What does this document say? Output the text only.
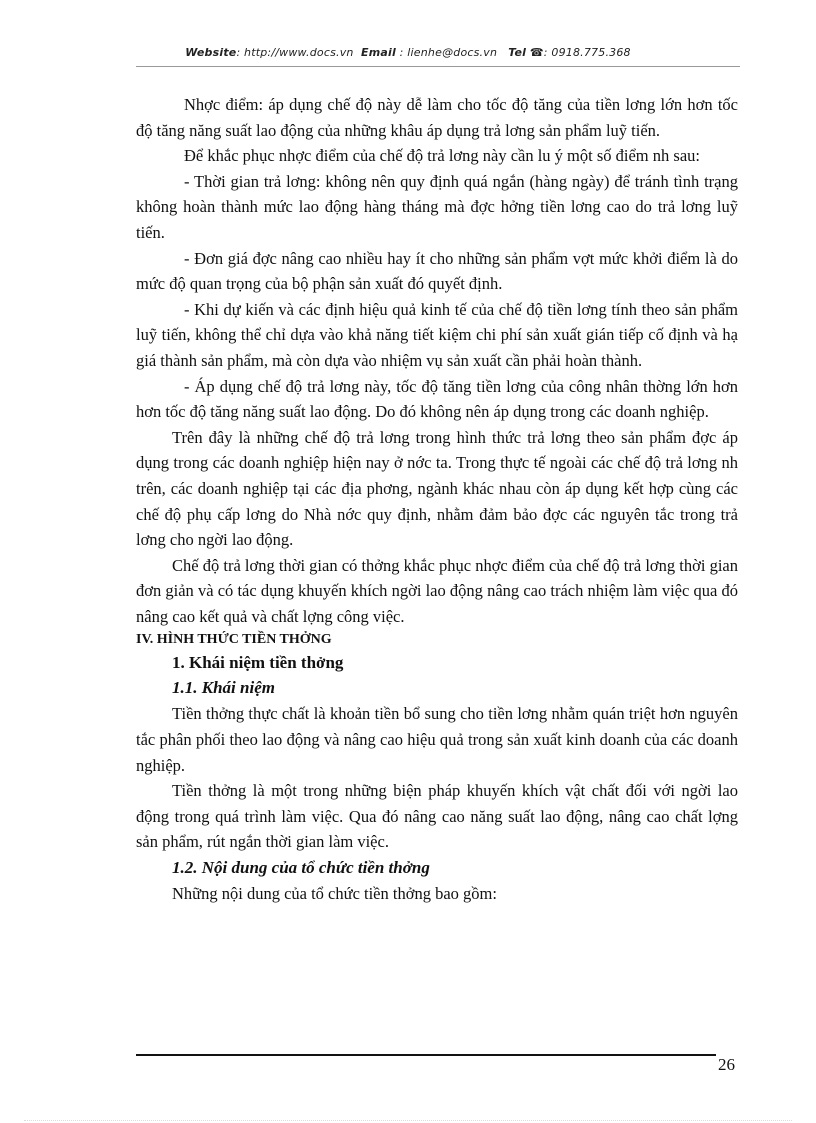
Website: http://www.docs.vn Email : lienhe@docs.vn Tel ☎: 0918.775.368

Nhợc điểm: áp dụng chế độ này dễ làm cho tốc độ tăng của tiền lơng lớn hơn tốc độ tăng năng suất lao động của những khâu áp dụng trả lơng sản phẩm luỹ tiến.

Để khắc phục nhợc điểm của chế độ trả lơng này cần lu ý một số điểm nh sau:

- Thời gian trả lơng: không nên quy định quá ngắn (hàng ngày) để tránh tình trạng không hoàn thành mức lao động hàng tháng mà đợc hởng tiền lơng cao do trả lơng luỹ tiến.

- Đơn giá đợc nâng cao nhiều hay ít cho những sản phẩm vợt mức khởi điểm là do mức độ quan trọng của bộ phận sản xuất đó quyết định.

- Khi dự kiến và các định hiệu quả kinh tế của chế độ tiền lơng tính theo sản phẩm luỹ tiến, không thể chỉ dựa vào khả năng tiết kiệm chi phí sản xuất gián tiếp cố định và hạ giá thành sản phẩm, mà còn dựa vào nhiệm vụ sản xuất cần phải hoàn thành.

- Áp dụng chế độ trả lơng này, tốc độ tăng tiền lơng của công nhân thờng lớn hơn hơn tốc độ tăng năng suất lao động. Do đó không nên áp dụng trong các doanh nghiệp.

Trên đây là những chế độ trả lơng trong hình thức trả lơng theo sản phẩm đợc áp dụng trong các doanh nghiệp hiện nay ở nớc ta. Trong thực tế ngoài các chế độ trả lơng nh trên, các doanh nghiệp tại các địa phơng, ngành khác nhau còn áp dụng kết hợp cùng các chế độ phụ cấp lơng do Nhà nớc quy định, nhằm đảm bảo đợc các nguyên tắc trong trả lơng cho ngời lao động.

Chế độ trả lơng thời gian có thởng khắc phục nhợc điểm của chế độ trả lơng thời gian đơn giản và có tác dụng khuyến khích ngời lao động nâng cao trách nhiệm làm việc qua đó nâng cao kết quả và chất lợng công việc.

IV. HÌNH THỨC TIỀN THỞNG
1. Khái niệm tiền thởng
1.1. Khái niệm

Tiền thởng thực chất là khoản tiền bổ sung cho tiền lơng nhằm quán triệt hơn nguyên tắc phân phối theo lao động và nâng cao hiệu quả trong sản xuất kinh doanh của các doanh nghiệp.

Tiền thởng là một trong những biện pháp khuyến khích vật chất đối với ngời lao động trong quá trình làm việc. Qua đó nâng cao năng suất lao động, nâng cao chất lợng sản phẩm, rút ngắn thời gian làm việc.

1.2. Nội dung của tổ chức tiền thởng

Những nội dung của tổ chức tiền thởng bao gồm:

26
